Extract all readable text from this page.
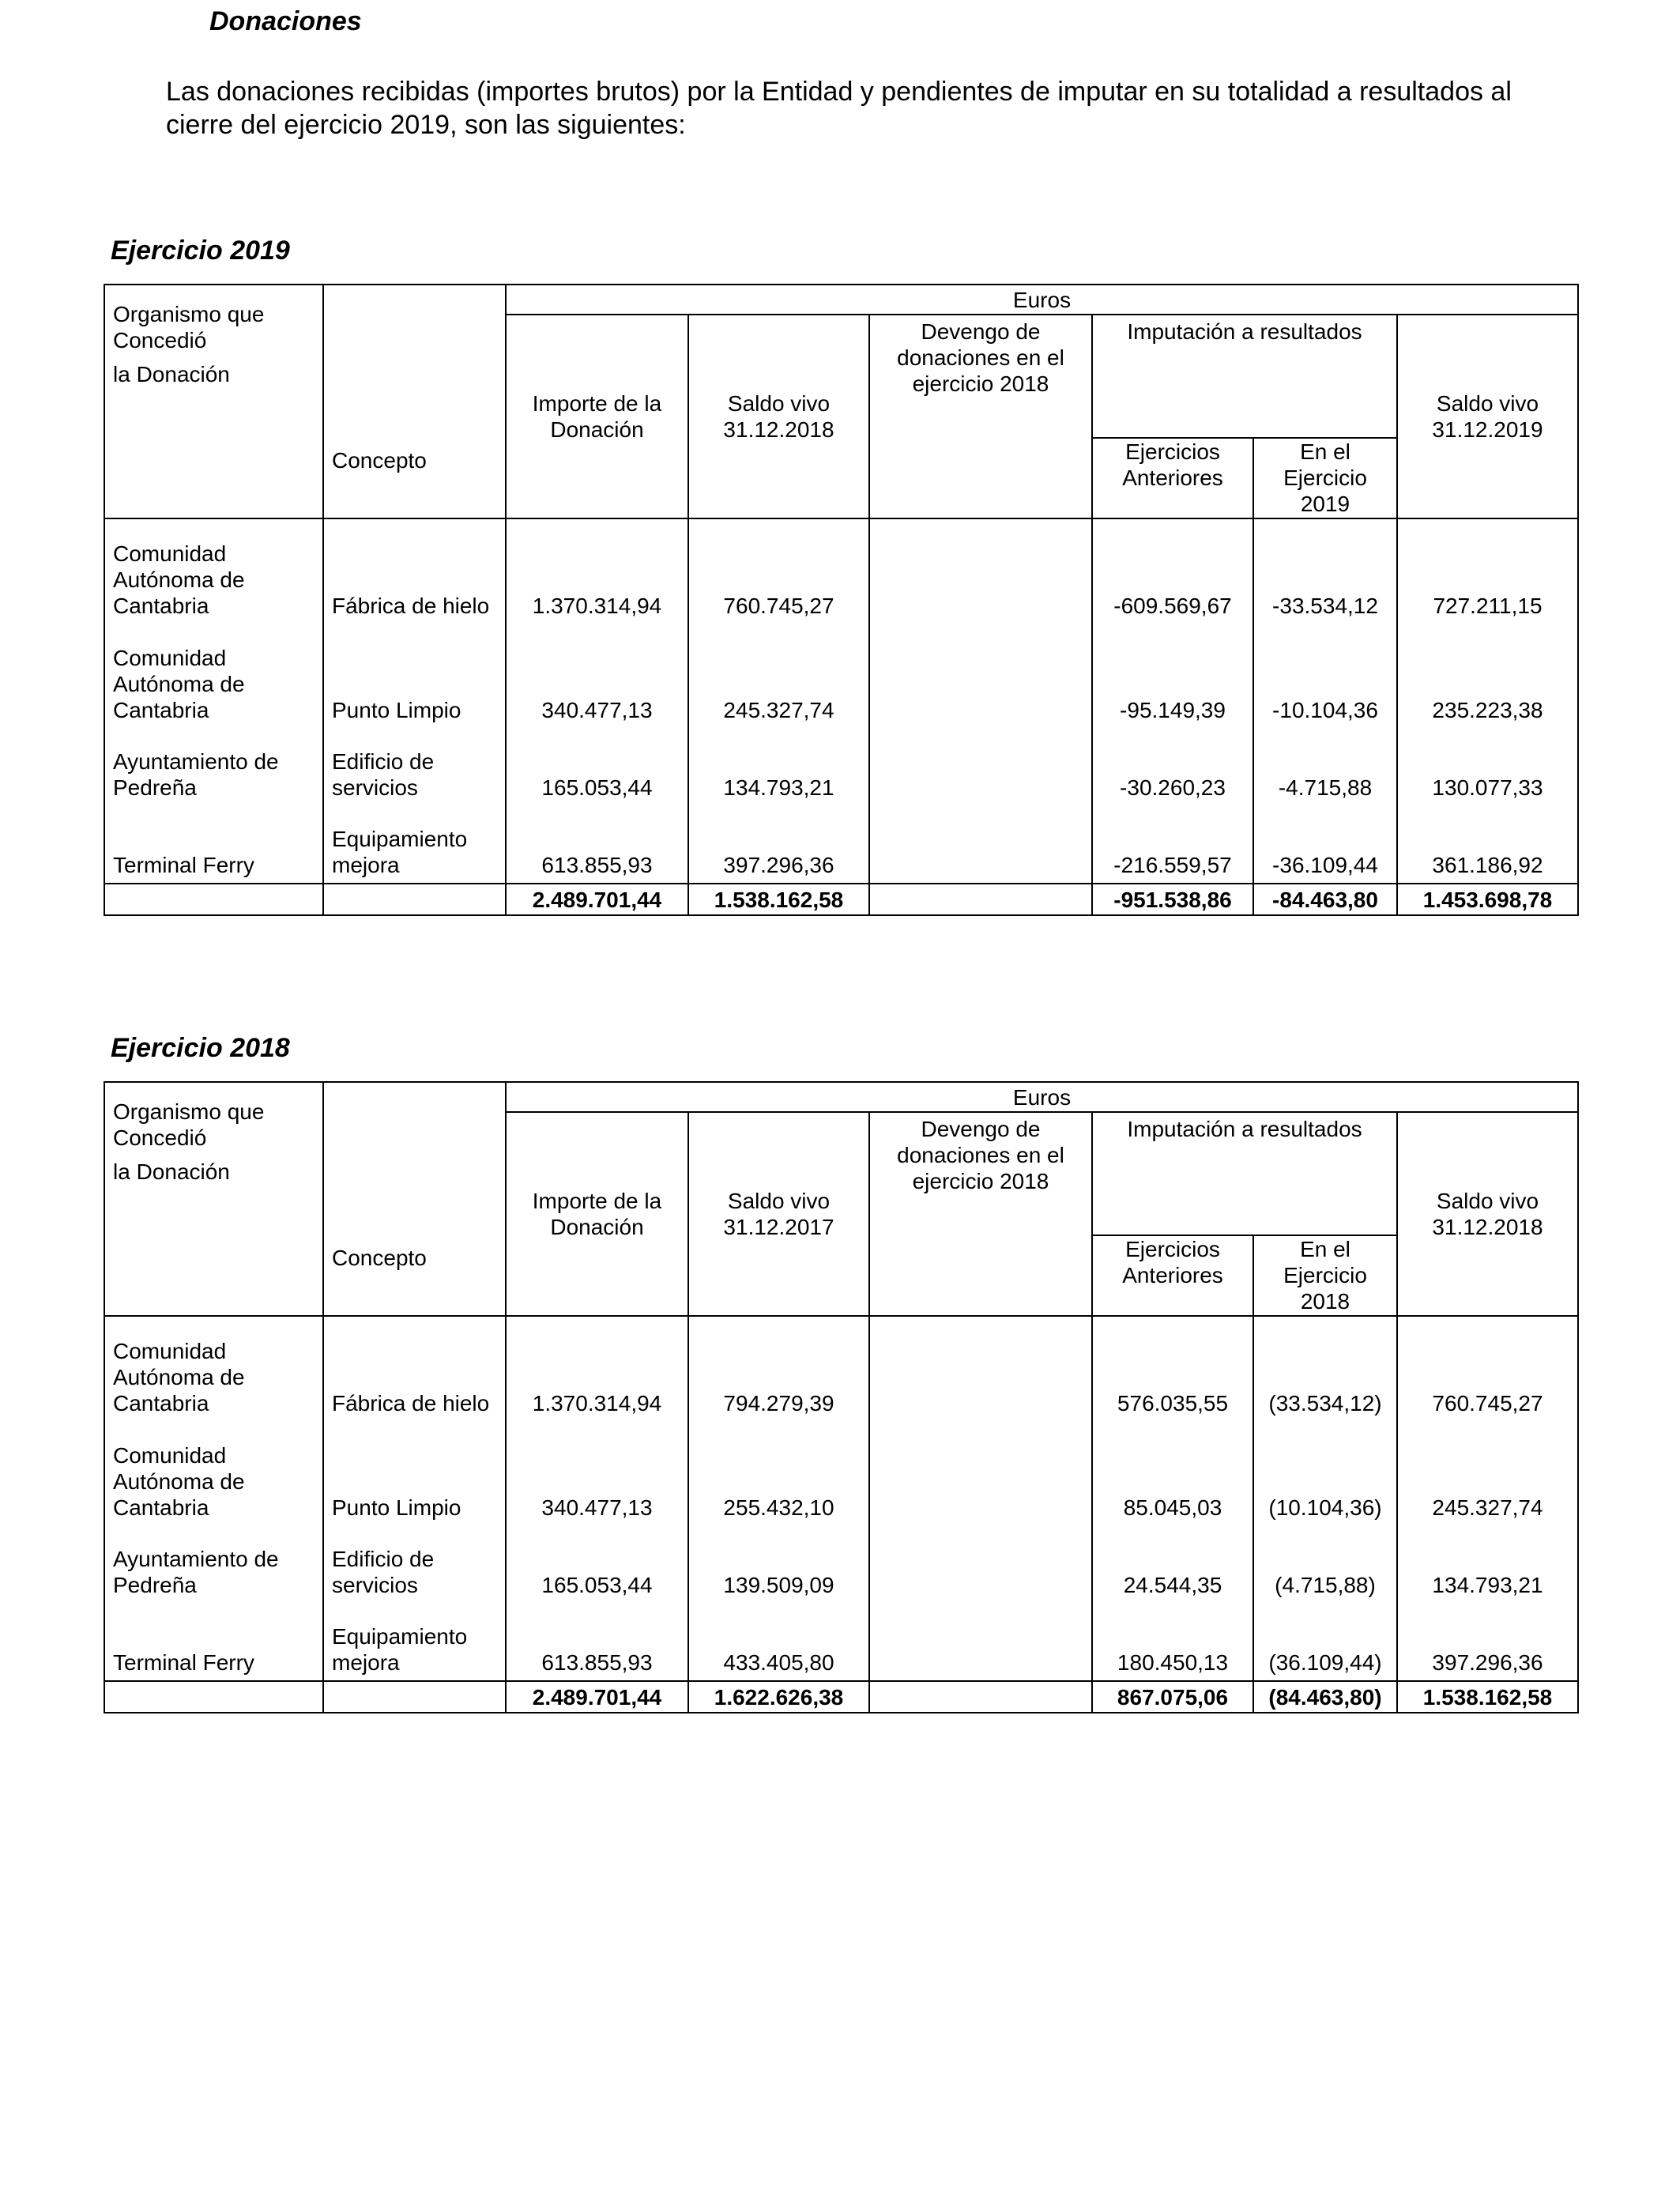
Donaciones

Las donaciones recibidas (importes brutos) por la Entidad y pendientes de imputar en su totalidad a resultados al cierre del ejercicio 2019, son las siguientes:

Ejercicio 2019
Organismo que Concedió
la Donación	Concepto	Euros					
		Importe de la Donación	Saldo vivo 31.12.2018	Devengo de donaciones en el ejercicio 2018	Imputación a resultados		Saldo vivo 31.12.2019
					Ejercicios Anteriores	En el Ejercicio 2019	
Comunidad Autónoma de Cantabria	Fábrica de hielo	1.370.314,94	760.745,27		-609.569,67	-33.534,12	727.211,15
Comunidad Autónoma de Cantabria	Punto Limpio	340.477,13	245.327,74		-95.149,39	-10.104,36	235.223,38
Ayuntamiento de Pedreña	Edificio de servicios	165.053,44	134.793,21		-30.260,23	-4.715,88	130.077,33
Terminal Ferry	Equipamiento mejora	613.855,93	397.296,36		-216.559,57	-36.109,44	361.186,92
		2.489.701,44	1.538.162,58		-951.538,86	-84.463,80	1.453.698,78
Ejercicio 2018
Organismo que Concedió
la Donación	Concepto	Euros					
		Importe de la Donación	Saldo vivo 31.12.2017	Devengo de donaciones en el ejercicio 2018	Imputación a resultados		Saldo vivo 31.12.2018
					Ejercicios Anteriores	En el Ejercicio 2018	
Comunidad Autónoma de Cantabria	Fábrica de hielo	1.370.314,94	794.279,39		576.035,55	(33.534,12)	760.745,27
Comunidad Autónoma de Cantabria	Punto Limpio	340.477,13	255.432,10		85.045,03	(10.104,36)	245.327,74
Ayuntamiento de Pedreña	Edificio de servicios	165.053,44	139.509,09		24.544,35	(4.715,88)	134.793,21
Terminal Ferry	Equipamiento mejora	613.855,93	433.405,80		180.450,13	(36.109,44)	397.296,36
		2.489.701,44	1.622.626,38		867.075,06	(84.463,80)	1.538.162,58
